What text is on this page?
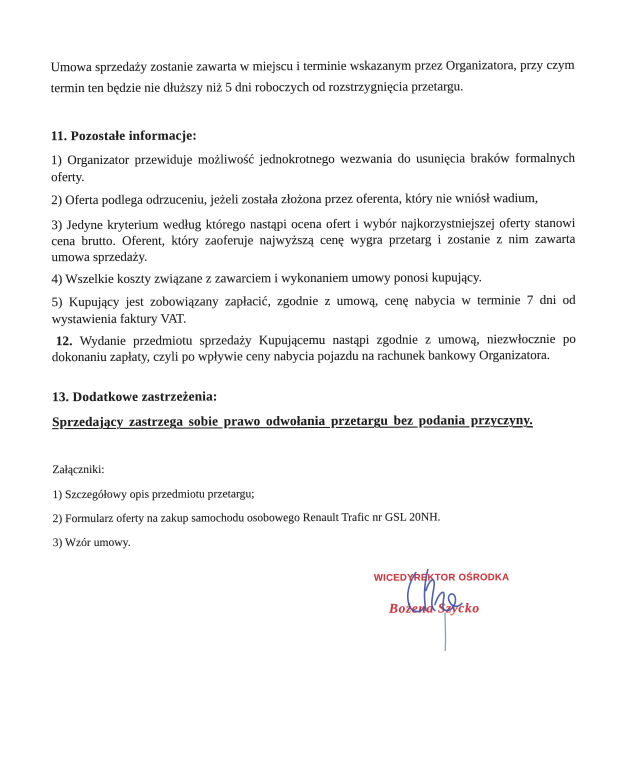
Umowa sprzedaży zostanie zawarta w miejscu i terminie wskazanym przez Organizatora, przy czym termin ten będzie nie dłuższy niż 5 dni roboczych od rozstrzygnięcia przetargu.

11. Pozostałe informacje:

1) Organizator przewiduje możliwość jednokrotnego wezwania do usunięcia braków formalnych oferty.

2) Oferta podlega odrzuceniu, jeżeli została złożona przez oferenta, który nie wniósł wadium,

3) Jedyne kryterium według którego nastąpi ocena ofert i wybór najkorzystniejszej oferty stanowi cena brutto. Oferent, który zaoferuje najwyższą cenę wygra przetarg i zostanie z nim zawarta umowa sprzedaży.

4) Wszelkie koszty związane z zawarciem i wykonaniem umowy ponosi kupujący.

5) Kupujący jest zobowiązany zapłacić, zgodnie z umową, cenę nabycia w terminie 7 dni od wystawienia faktury VAT.

12. Wydanie przedmiotu sprzedaży Kupującemu nastąpi zgodnie z umową, niezwłocznie po dokonaniu zapłaty, czyli po wpływie ceny nabycia pojazdu na rachunek bankowy Organizatora.

13. Dodatkowe zastrzeżenia:

Sprzedający zastrzega sobie prawo odwołania przetargu bez podania przyczyny.

Załączniki:

1) Szczegółowy opis przedmiotu przetargu;

2) Formularz oferty na zakup samochodu osobowego Renault Trafic nr GSL 20NH.

3) Wzór umowy.

WICEDYREKTOR OŚRODKA
Bożena Szycko
